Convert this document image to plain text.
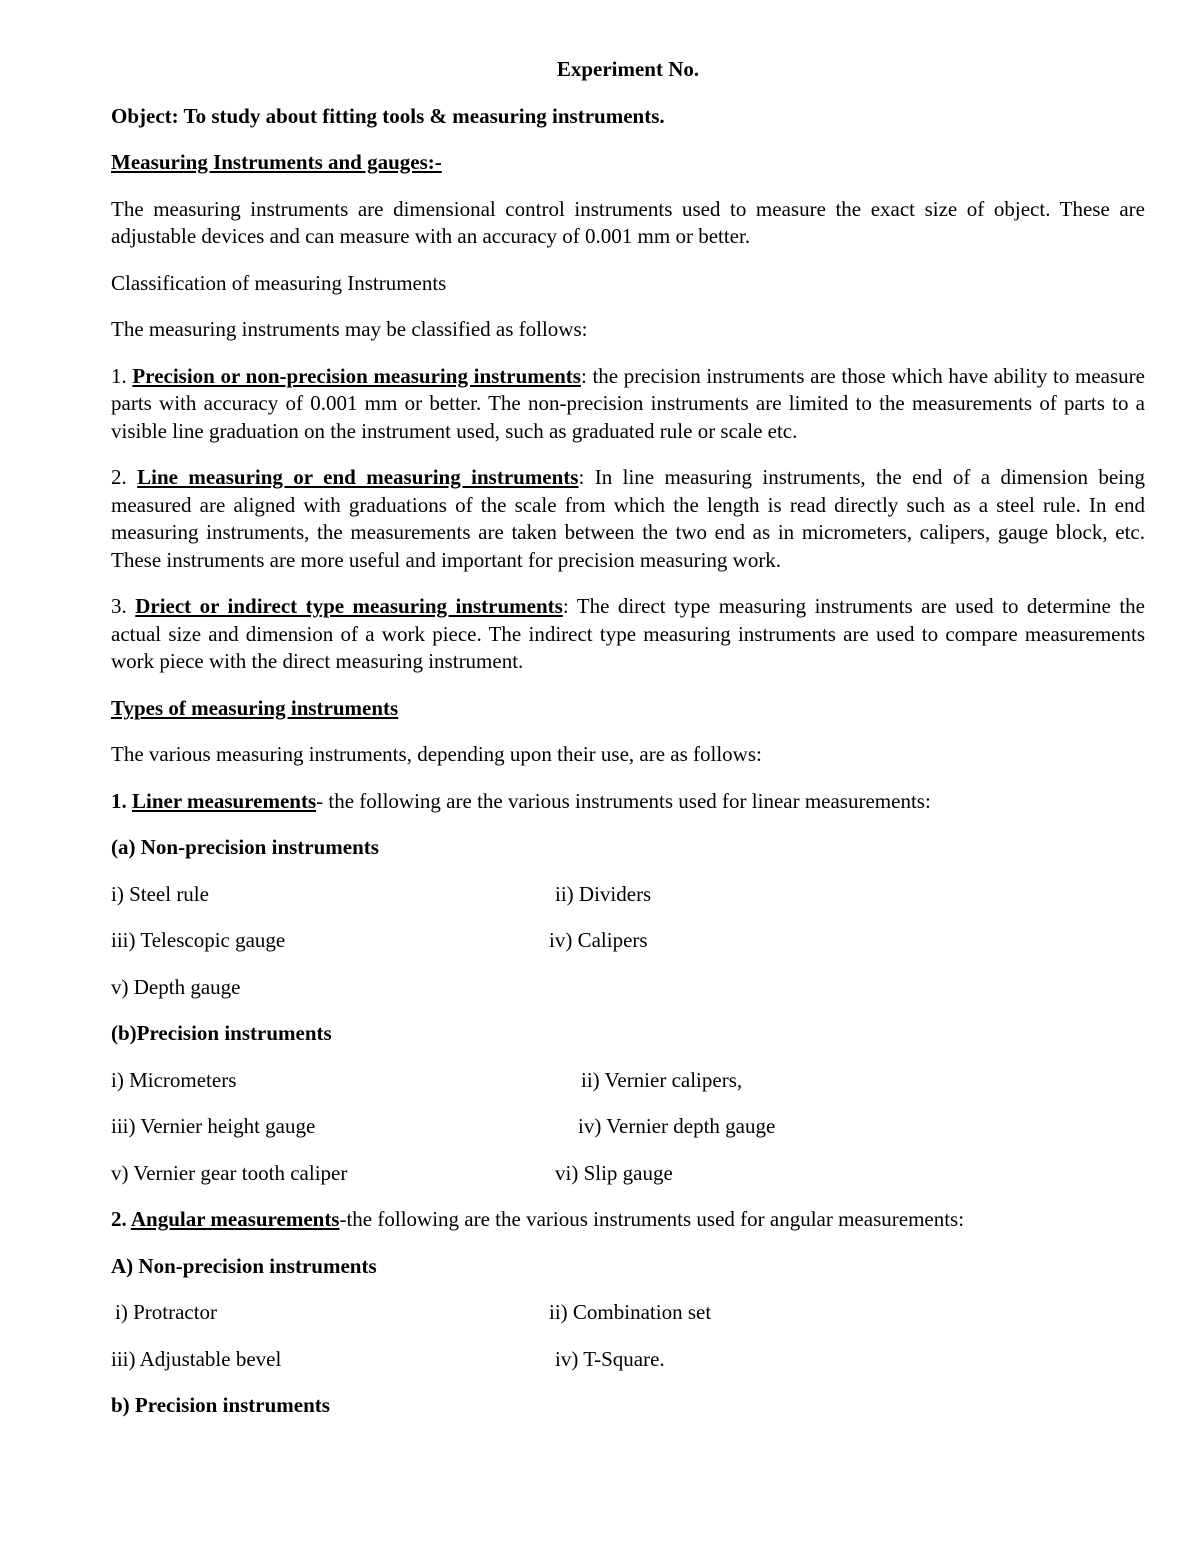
Experiment No.

Object: To study about fitting tools & measuring instruments.

Measuring Instruments and gauges:-

The measuring instruments are dimensional control instruments used to measure the exact size of object. These are adjustable devices and can measure with an accuracy of 0.001 mm or better.

Classification of measuring Instruments

The measuring instruments may be classified as follows:

1. Precision or non-precision measuring instruments: the precision instruments are those which have ability to measure parts with accuracy of 0.001 mm or better. The non-precision instruments are limited to the measurements of parts to a visible line graduation on the instrument used, such as graduated rule or scale etc.

2. Line measuring or end measuring instruments: In line measuring instruments, the end of a dimension being measured are aligned with graduations of the scale from which the length is read directly such as a steel rule. In end measuring instruments, the measurements are taken between the two end as in micrometers, calipers, gauge block, etc. These instruments are more useful and important for precision measuring work.

3. Driect or indirect type measuring instruments: The direct type measuring instruments are used to determine the actual size and dimension of a work piece. The indirect type measuring instruments are used to compare measurements work piece with the direct measuring instrument.

Types of measuring instruments

The various measuring instruments, depending upon their use, are as follows:

1. Liner measurements- the following are the various instruments used for linear measurements:

(a) Non-precision instruments

i) Steel rule	ii) Dividers
iii) Telescopic gauge	iv) Calipers
v) Depth gauge

(b)Precision instruments

i) Micrometers	ii) Vernier calipers,
iii) Vernier height gauge	iv) Vernier depth gauge
v) Vernier gear tooth caliper	vi) Slip gauge

2. Angular measurements-the following are the various instruments used for angular measurements:

A) Non-precision instruments

i) Protractor	ii) Combination set
iii) Adjustable bevel	iv) T-Square.

b) Precision instruments
